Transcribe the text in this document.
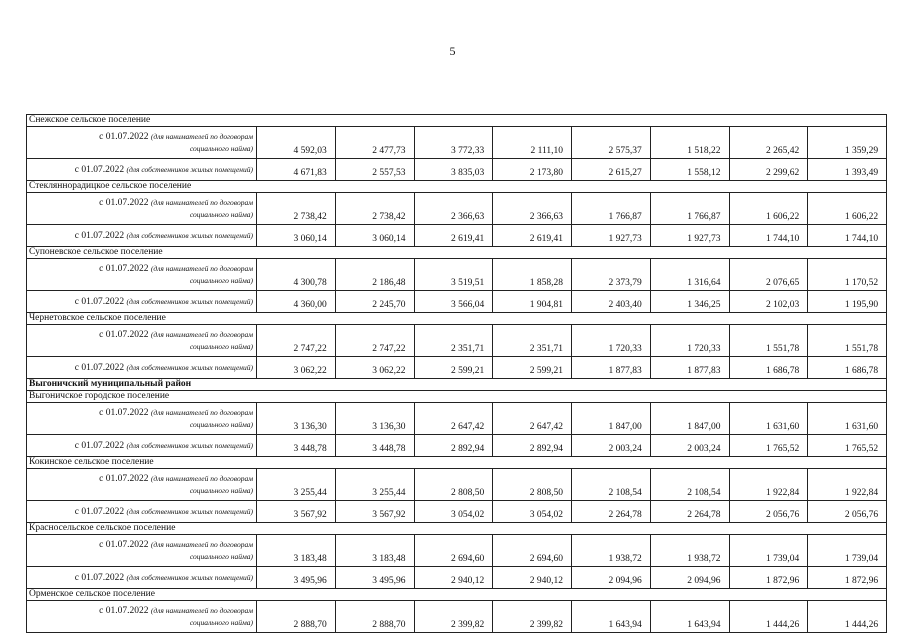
5
Снежское сельское поселение								

с 01.07.2022 (для нанимателей по договорам
социального найма)	4 592,03	2 477,73	3 772,33	2 111,10	2 575,37	1 518,22	2 265,42	1 359,29
с 01.07.2022 (для собственников жилых помещений)	4 671,83	2 557,53	3 835,03	2 173,80	2 615,27	1 558,12	2 299,62	1 393,49
Стекляннорадицкое сельское поселение								

с 01.07.2022 (для нанимателей по договорам
социального найма)	2 738,42	2 738,42	2 366,63	2 366,63	1 766,87	1 766,87	1 606,22	1 606,22
с 01.07.2022 (для собственников жилых помещений)	3 060,14	3 060,14	2 619,41	2 619,41	1 927,73	1 927,73	1 744,10	1 744,10
Супоневское сельское поселение								

с 01.07.2022 (для нанимателей по договорам
социального найма)	4 300,78	2 186,48	3 519,51	1 858,28	2 373,79	1 316,64	2 076,65	1 170,52
с 01.07.2022 (для собственников жилых помещений)	4 360,00	2 245,70	3 566,04	1 904,81	2 403,40	1 346,25	2 102,03	1 195,90
Чернетовское сельское поселение								

с 01.07.2022 (для нанимателей по договорам
социального найма)	2 747,22	2 747,22	2 351,71	2 351,71	1 720,33	1 720,33	1 551,78	1 551,78
с 01.07.2022 (для собственников жилых помещений)	3 062,22	3 062,22	2 599,21	2 599,21	1 877,83	1 877,83	1 686,78	1 686,78
Выгоничский муниципальный район								
Выгоничское городское поселение								

с 01.07.2022 (для нанимателей по договорам
социального найма)	3 136,30	3 136,30	2 647,42	2 647,42	1 847,00	1 847,00	1 631,60	1 631,60
с 01.07.2022 (для собственников жилых помещений)	3 448,78	3 448,78	2 892,94	2 892,94	2 003,24	2 003,24	1 765,52	1 765,52
Кокинское сельское поселение								

с 01.07.2022 (для нанимателей по договорам
социального найма)	3 255,44	3 255,44	2 808,50	2 808,50	2 108,54	2 108,54	1 922,84	1 922,84
с 01.07.2022 (для собственников жилых помещений)	3 567,92	3 567,92	3 054,02	3 054,02	2 264,78	2 264,78	2 056,76	2 056,76
Красносельское сельское поселение								

с 01.07.2022 (для нанимателей по договорам
социального найма)	3 183,48	3 183,48	2 694,60	2 694,60	1 938,72	1 938,72	1 739,04	1 739,04
с 01.07.2022 (для собственников жилых помещений)	3 495,96	3 495,96	2 940,12	2 940,12	2 094,96	2 094,96	1 872,96	1 872,96
Орменское сельское поселение								

с 01.07.2022 (для нанимателей по договорам
социального найма)	2 888,70	2 888,70	2 399,82	2 399,82	1 643,94	1 643,94	1 444,26	1 444,26
